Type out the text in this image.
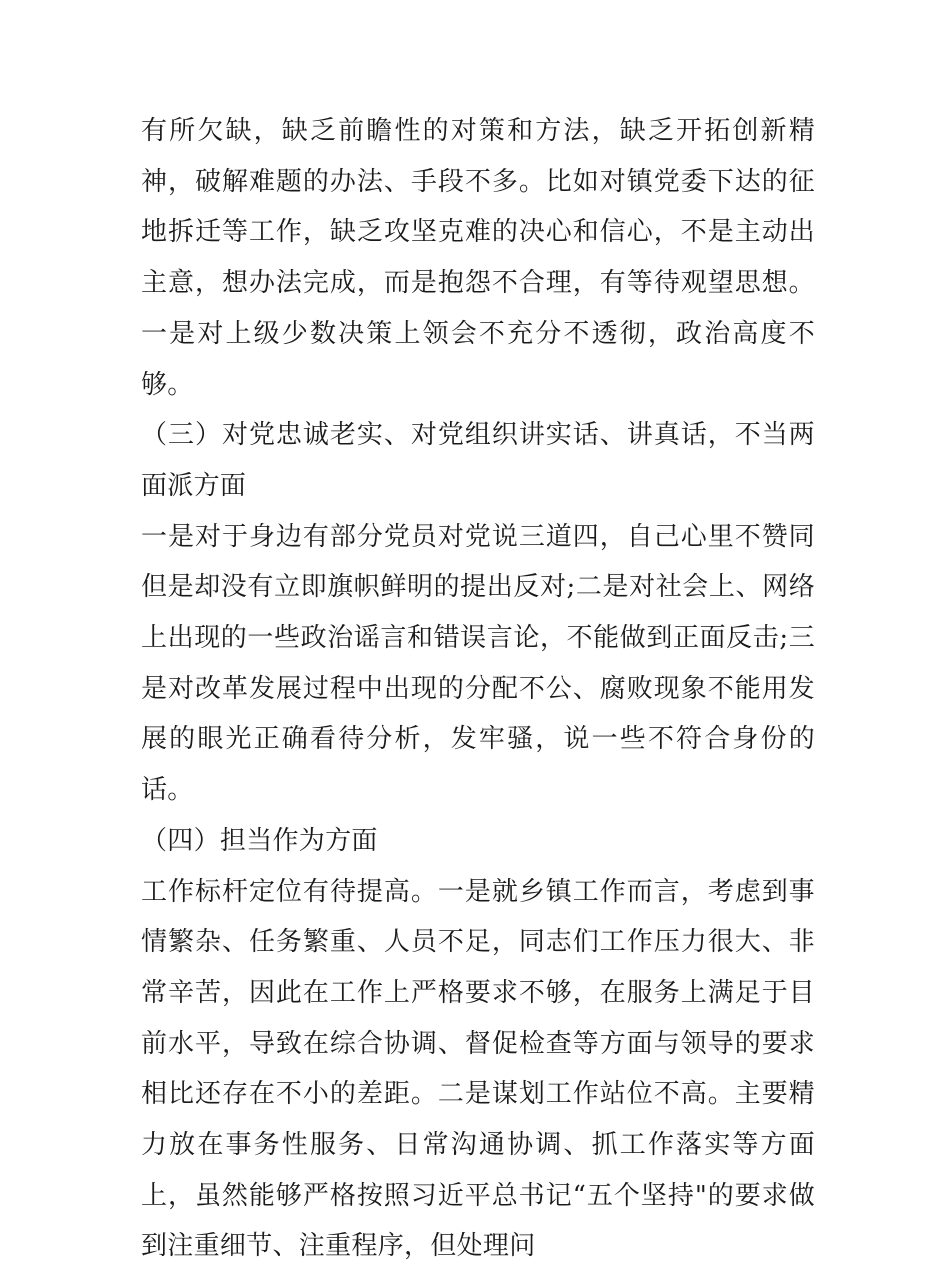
有所欠缺，缺乏前瞻性的对策和方法，缺乏开拓创新精神，破解难题的办法、手段不多。比如对镇党委下达的征地拆迁等工作，缺乏攻坚克难的决心和信心，不是主动出主意，想办法完成，而是抱怨不合理，有等待观望思想。一是对上级少数决策上领会不充分不透彻，政治高度不够。

（三）对党忠诚老实、对党组织讲实话、讲真话，不当两面派方面

一是对于身边有部分党员对党说三道四，自己心里不赞同但是却没有立即旗帜鲜明的提出反对;二是对社会上、网络上出现的一些政治谣言和错误言论，不能做到正面反击;三是对改革发展过程中出现的分配不公、腐败现象不能用发展的眼光正确看待分析，发牢骚，说一些不符合身份的话。

（四）担当作为方面

工作标杆定位有待提高。一是就乡镇工作而言，考虑到事情繁杂、任务繁重、人员不足，同志们工作压力很大、非常辛苦，因此在工作上严格要求不够，在服务上满足于目前水平，导致在综合协调、督促检查等方面与领导的要求相比还存在不小的差距。二是谋划工作站位不高。主要精力放在事务性服务、日常沟通协调、抓工作落实等方面上，虽然能够严格按照习近平总书记“五个坚持"的要求做到注重细节、注重程序，但处理问
